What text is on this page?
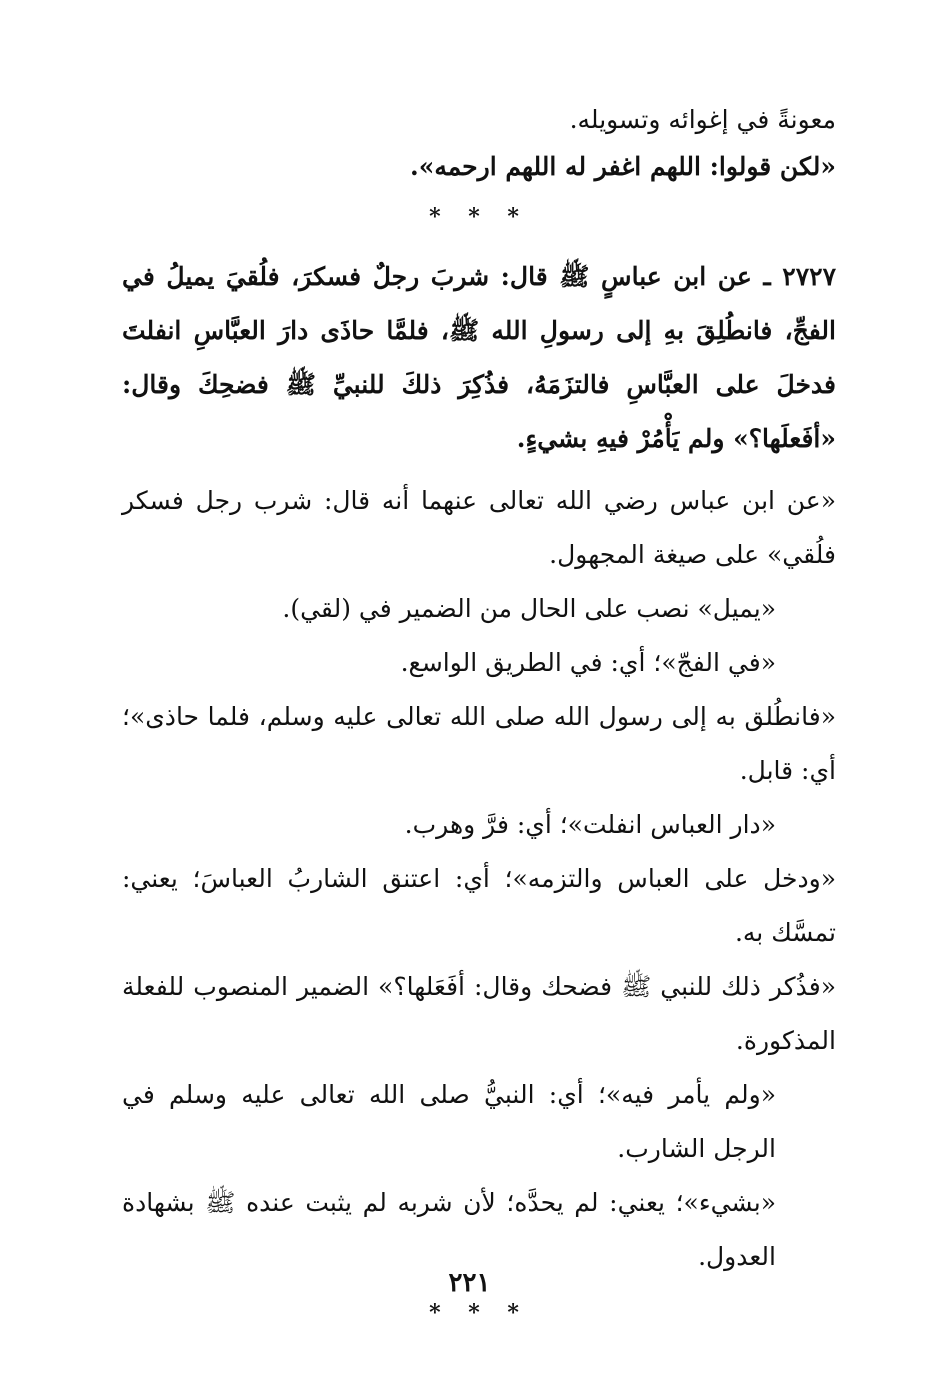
معونةً في إغوائه وتسويله.
«لكن قولوا: اللهم اغفر له اللهم ارحمه».
* * *
٢٧٢٧ ـ عن ابن عباسٍ ﷺ قال: شربَ رجلٌ فسكرَ، فلُقيَ يميلُ في الفجِّ، فانطُلِقَ بهِ إلى رسولِ الله ﷺ، فلمَّا حاذَى دارَ العبَّاسِ انفلتَ فدخلَ على العبَّاسِ فالتزَمَهُ، فذُكِرَ ذلكَ للنبيِّ ﷺ فضحِكَ وقال: «أفَعلَها؟» ولم يَأْمُرْ فيهِ بشيءٍ.
«عن ابن عباس رضي الله تعالى عنهما أنه قال: شرب رجل فسكر فلُقي» على صيغة المجهول.
«يميل» نصب على الحال من الضمير في (لقي).
«في الفجّ»؛ أي: في الطريق الواسع.
«فانطُلق به إلى رسول الله صلى الله تعالى عليه وسلم، فلما حاذى»؛ أي: قابل.
«دار العباس انفلت»؛ أي: فرَّ وهرب.
«ودخل على العباس والتزمه»؛ أي: اعتنق الشاربُ العباسَ؛ يعني: تمسَّك به.
«فذُكر ذلك للنبي ﷺ فضحك وقال: أفَعَلها؟» الضمير المنصوب للفعلة المذكورة.
«ولم يأمر فيه»؛ أي: النبيُّ صلى الله تعالى عليه وسلم في الرجل الشارب.
«بشيء»؛ يعني: لم يحدَّه؛ لأن شربه لم يثبت عنده ﷺ بشهادة العدول.
* * *
٢٢١
